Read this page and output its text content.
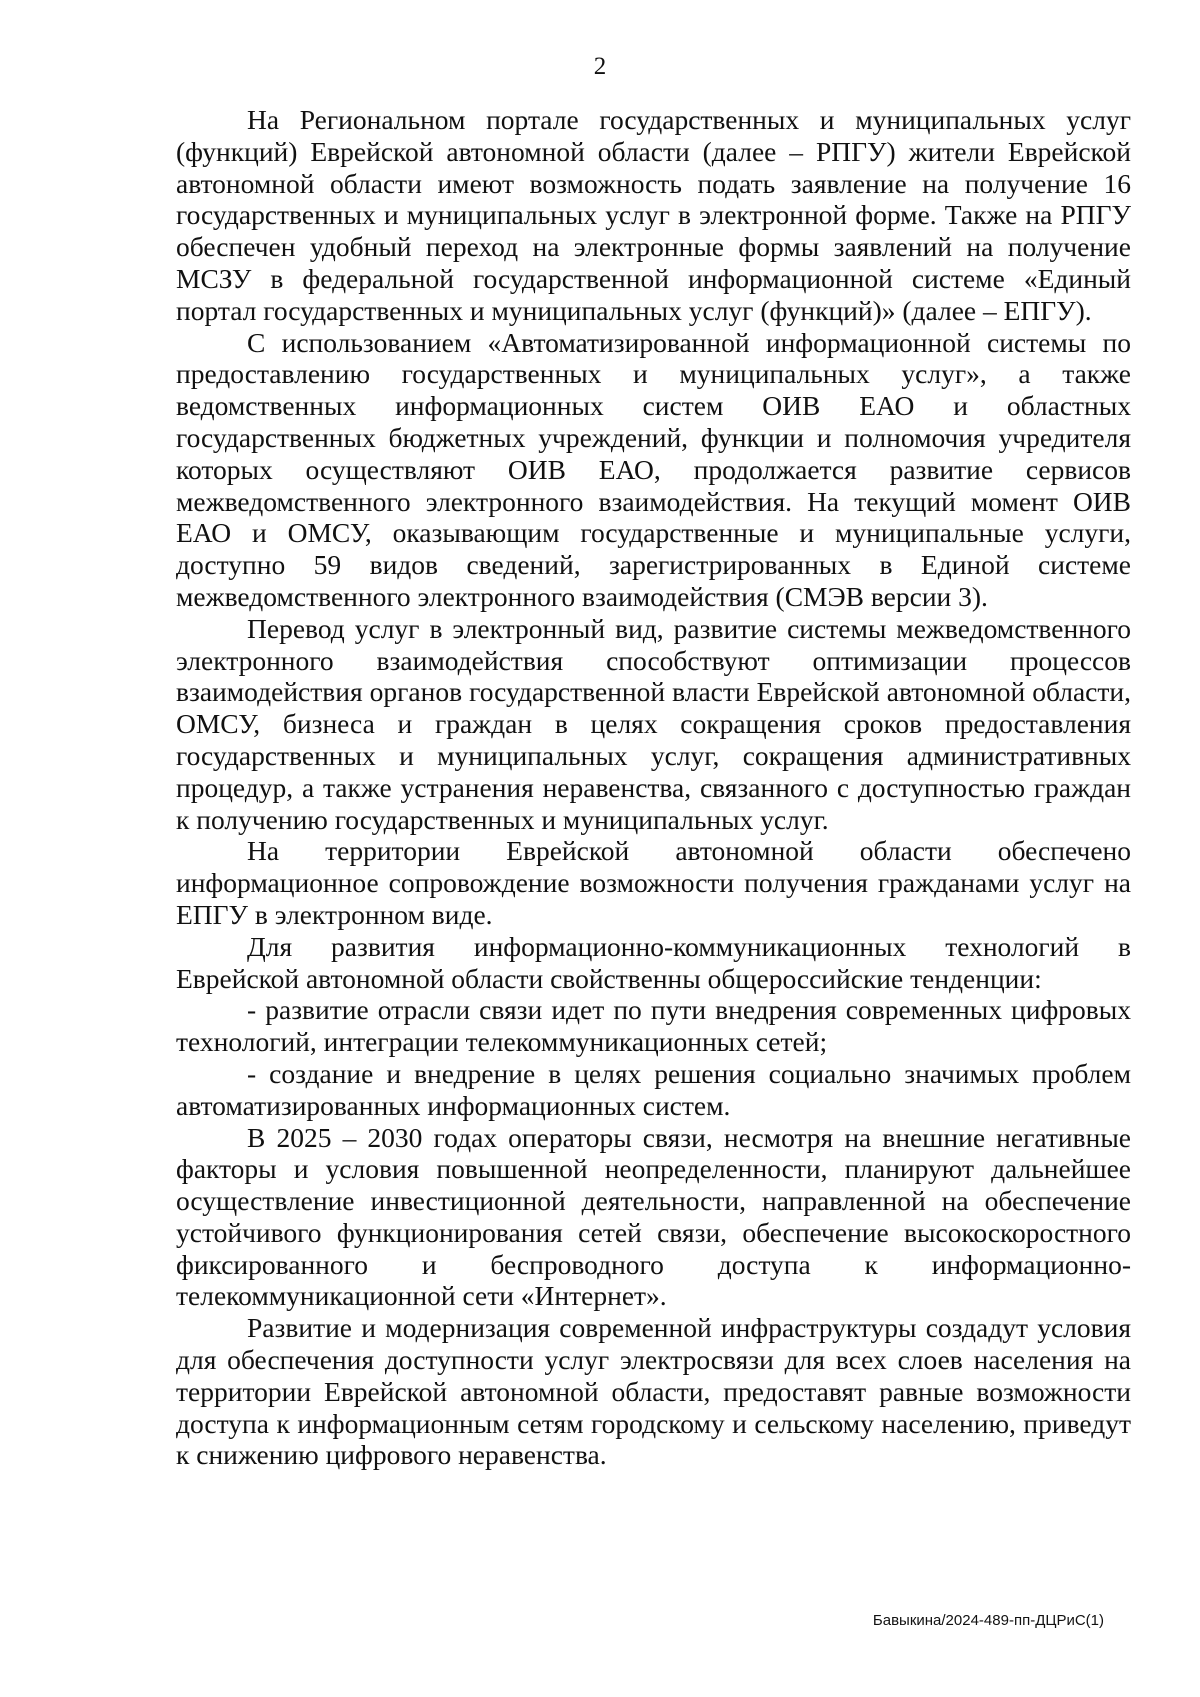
2

На Региональном портале государственных и муниципальных услуг (функций) Еврейской автономной области (далее – РПГУ) жители Еврейской автономной области имеют возможность подать заявление на получение 16 государственных и муниципальных услуг в электронной форме. Также на РПГУ обеспечен удобный переход на электронные формы заявлений на получение МСЗУ в федеральной государственной информационной системе «Единый портал государственных и муниципальных услуг (функций)» (далее – ЕПГУ).

С использованием «Автоматизированной информационной системы по предоставлению государственных и муниципальных услуг», а также ведомственных информационных систем ОИВ ЕАО и областных государственных бюджетных учреждений, функции и полномочия учредителя которых осуществляют ОИВ ЕАО, продолжается развитие сервисов межведомственного электронного взаимодействия. На текущий момент ОИВ ЕАО и ОМСУ, оказывающим государственные и муниципальные услуги, доступно 59 видов сведений, зарегистрированных в Единой системе межведомственного электронного взаимодействия (СМЭВ версии 3).

Перевод услуг в электронный вид, развитие системы межведомственного электронного взаимодействия способствуют оптимизации процессов взаимодействия органов государственной власти Еврейской автономной области, ОМСУ, бизнеса и граждан в целях сокращения сроков предоставления государственных и муниципальных услуг, сокращения административных процедур, а также устранения неравенства, связанного с доступностью граждан к получению государственных и муниципальных услуг.

На территории Еврейской автономной области обеспечено информационное сопровождение возможности получения гражданами услуг на ЕПГУ в электронном виде.

Для развития информационно-коммуникационных технологий в Еврейской автономной области свойственны общероссийские тенденции:

- развитие отрасли связи идет по пути внедрения современных цифровых технологий, интеграции телекоммуникационных сетей;

- создание и внедрение в целях решения социально значимых проблем автоматизированных информационных систем.

В 2025 – 2030 годах операторы связи, несмотря на внешние негативные факторы и условия повышенной неопределенности, планируют дальнейшее осуществление инвестиционной деятельности, направленной на обеспечение устойчивого функционирования сетей связи, обеспечение высокоскоростного фиксированного и беспроводного доступа к информационно-телекоммуникационной сети «Интернет».

Развитие и модернизация современной инфраструктуры создадут условия для обеспечения доступности услуг электросвязи для всех слоев населения на территории Еврейской автономной области, предоставят равные возможности доступа к информационным сетям городскому и сельскому населению, приведут к снижению цифрового неравенства.

Бавыкина/2024-489-пп-ДЦРиС(1)
